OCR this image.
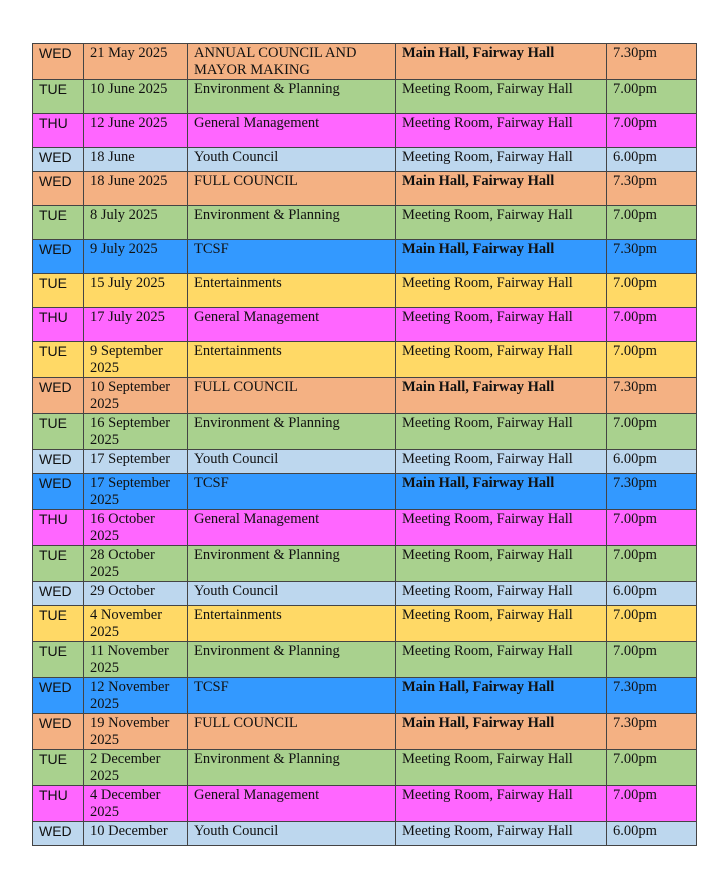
WED	21 May 2025	ANNUAL COUNCIL AND MAYOR MAKING	Main Hall, Fairway Hall	7.30pm
TUE	10 June 2025	Environment & Planning	Meeting Room, Fairway Hall	7.00pm
THU	12 June 2025	General Management	Meeting Room, Fairway Hall	7.00pm
WED	18 June	Youth Council	Meeting Room, Fairway Hall	6.00pm
WED	18 June 2025	FULL COUNCIL	Main Hall, Fairway Hall	7.30pm
TUE	8 July 2025	Environment & Planning	Meeting Room, Fairway Hall	7.00pm
WED	9 July 2025	TCSF	Main Hall, Fairway Hall	7.30pm
TUE	15 July 2025	Entertainments	Meeting Room, Fairway Hall	7.00pm
THU	17 July 2025	General Management	Meeting Room, Fairway Hall	7.00pm
TUE	9 September 2025	Entertainments	Meeting Room, Fairway Hall	7.00pm
WED	10 September 2025	FULL COUNCIL	Main Hall, Fairway Hall	7.30pm
TUE	16 September 2025	Environment & Planning	Meeting Room, Fairway Hall	7.00pm
WED	17 September	Youth Council	Meeting Room, Fairway Hall	6.00pm
WED	17 September 2025	TCSF	Main Hall, Fairway Hall	7.30pm
THU	16 October 2025	General Management	Meeting Room, Fairway Hall	7.00pm
TUE	28 October 2025	Environment & Planning	Meeting Room, Fairway Hall	7.00pm
WED	29 October	Youth Council	Meeting Room, Fairway Hall	6.00pm
TUE	4 November 2025	Entertainments	Meeting Room, Fairway Hall	7.00pm
TUE	11 November 2025	Environment & Planning	Meeting Room, Fairway Hall	7.00pm
WED	12 November 2025	TCSF	Main Hall, Fairway Hall	7.30pm
WED	19 November 2025	FULL COUNCIL	Main Hall, Fairway Hall	7.30pm
TUE	2 December 2025	Environment & Planning	Meeting Room, Fairway Hall	7.00pm
THU	4 December 2025	General Management	Meeting Room, Fairway Hall	7.00pm
WED	10 December	Youth Council	Meeting Room, Fairway Hall	6.00pm
